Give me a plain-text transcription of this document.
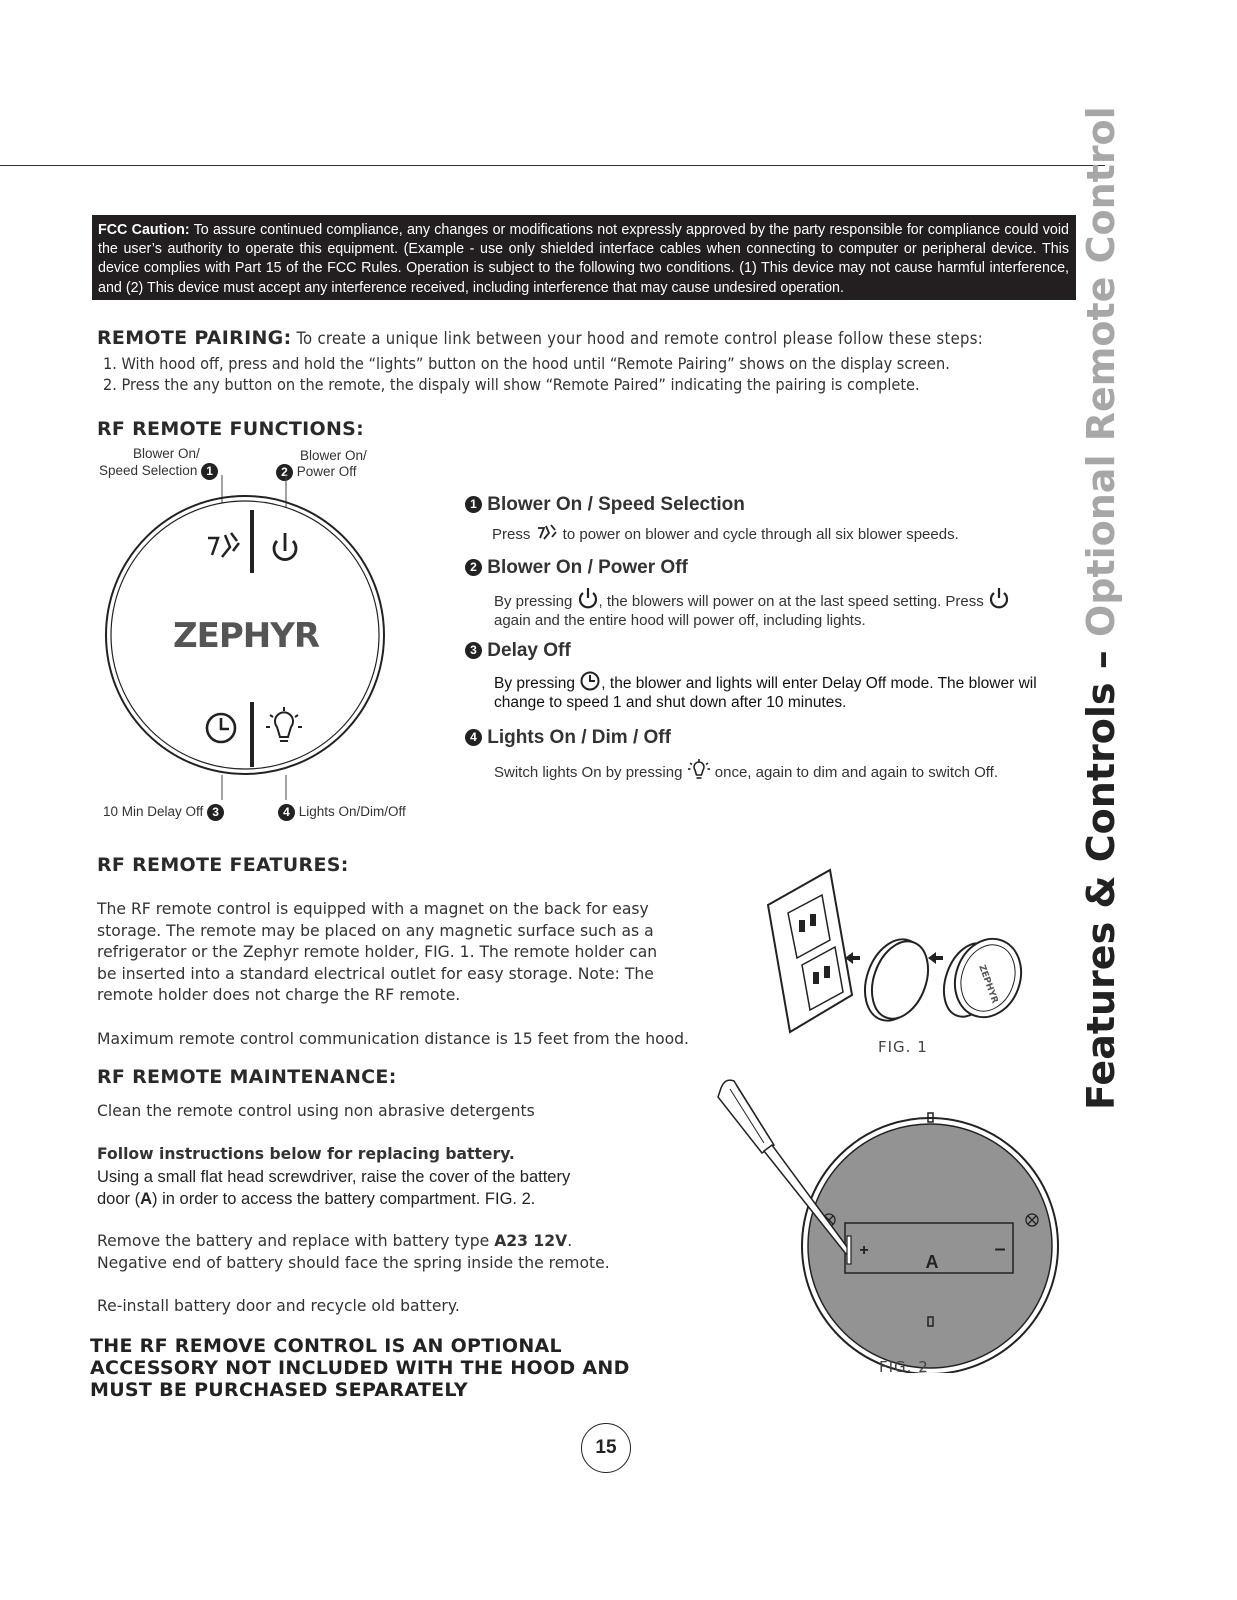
FCC Caution: To assure continued compliance, any changes or modifications not expressly approved by the party responsible for compliance could void the user’s authority to operate this equipment. (Example - use only shielded interface cables when connecting to computer or peripheral device. This device complies with Part 15 of the FCC Rules. Operation is subject to the following two conditions. (1) This device may not cause harmful interference, and (2) This device must accept any interference received, including interference that may cause undesired operation.
REMOTE PAIRING: To create a unique link between your hood and remote control please follow these steps:
1. With hood off, press and hold the “lights” button on the hood until “Remote Pairing” shows on the display screen.
2. Press the any button on the remote, the dispaly will show “Remote Paired” indicating the pairing is complete.
RF REMOTE FUNCTIONS:
Blower On/
Speed Selection 1
Blower On/
2 Power Off
10 Min Delay Off 3	4 Lights On/Dim/Off
ZEPHYR
1 Blower On / Speed Selection
Press  to power on blower and cycle through all six blower speeds.
2 Blower On / Power Off
By pressing , the blowers will power on at the last speed setting. Press
again and the entire hood will power off, including lights.
3 Delay Off
By pressing , the blower and lights will enter Delay Off mode. The blower wil
change to speed 1 and shut down after 10 minutes.
4 Lights On / Dim / Off
Switch lights On by pressing  once, again to dim and again to switch Off.
RF REMOTE FEATURES:
The RF remote control is equipped with a magnet on the back for easy
storage. The remote may be placed on any magnetic surface such as a
refrigerator or the Zephyr remote holder, FIG. 1. The remote holder can
be inserted into a standard electrical outlet for easy storage. Note: The
remote holder does not charge the RF remote.
Maximum remote control communication distance is 15 feet from the hood.
RF REMOTE MAINTENANCE:
Clean the remote control using non abrasive detergents
Follow instructions below for replacing battery.
Using a small flat head screwdriver, raise the cover of the battery
door (A) in order to access the battery compartment. FIG. 2.
Remove the battery and replace with battery type A23 12V.
Negative end of battery should face the spring inside the remote.
Re-install battery door and recycle old battery.
THE RF REMOVE CONTROL IS AN OPTIONAL
ACCESSORY NOT INCLUDED WITH THE HOOD AND
MUST BE PURCHASED SEPARATELY
ZEPHYR
FIG. 1
+	–
A
FIG. 2
Features & Controls – Optional Remote Control
15
